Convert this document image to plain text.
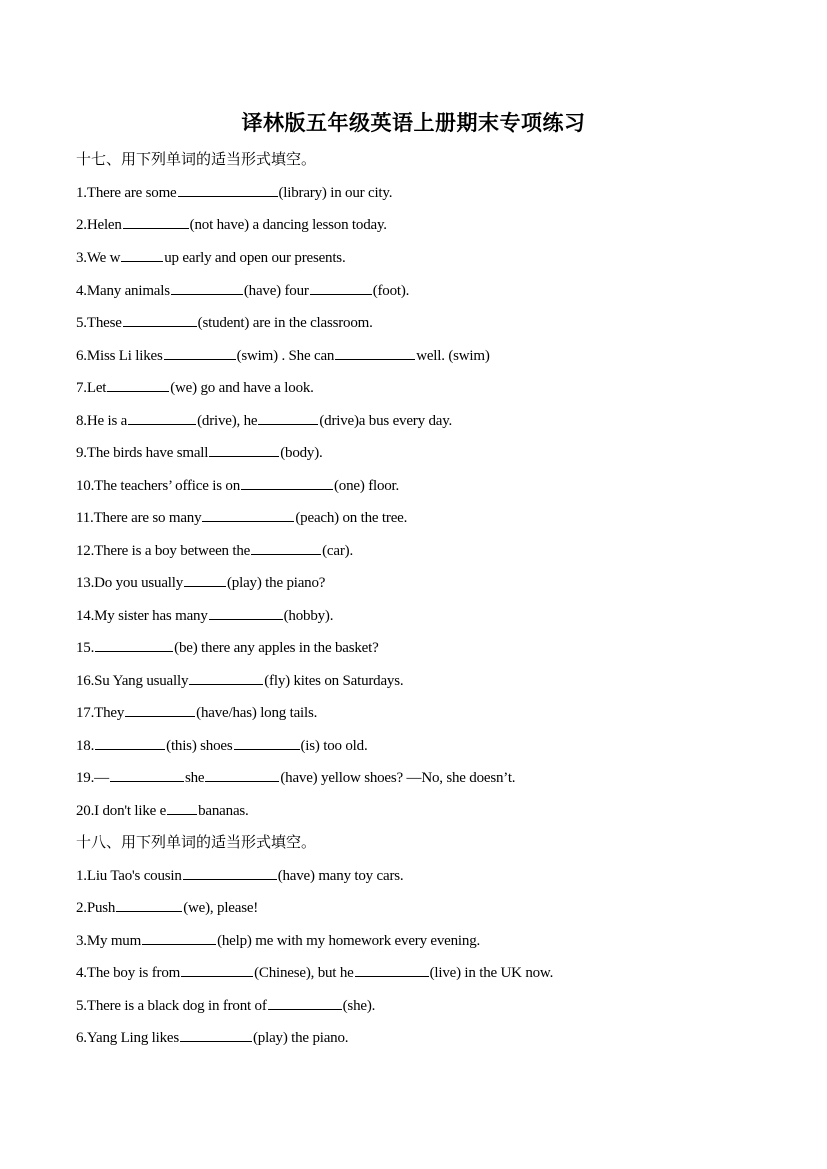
译林版五年级英语上册期末专项练习
十七、用下列单词的适当形式填空。
1.There are some	(library) in our city.
2.Helen	(not have) a dancing lesson today.
3.We w	up early and open our presents.
4.Many animals	(have) four	(foot).
5.These	(student) are in the classroom.
6.Miss Li likes	(swim) . She can	well. (swim)
7.Let	(we) go and have a look.
8.He is a	(drive), he	(drive)a bus every day.
9.The birds have small	(body).
10.The teachers’ office is on	(one) floor.
11.There are so many	(peach) on the tree.
12.There is a boy between the	(car).
13.Do you usually	(play) the piano?
14.My sister has many	(hobby).
15.	(be) there any apples in the basket?
16.Su Yang usually	(fly) kites on Saturdays.
17.They	(have/has) long tails.
18.	(this) shoes	(is) too old.
19.—	she	(have) yellow shoes? —No, she doesn’t.
20.I don't like e bananas.
十八、用下列单词的适当形式填空。
1.Liu Tao's cousin	(have) many toy cars.
2.Push	(we), please!
3.My mum	(help) me with my homework every evening.
4.The boy is from	(Chinese), but he	(live) in the UK now.
5.There is a black dog in front of	(she).
6.Yang Ling likes	(play) the piano.
